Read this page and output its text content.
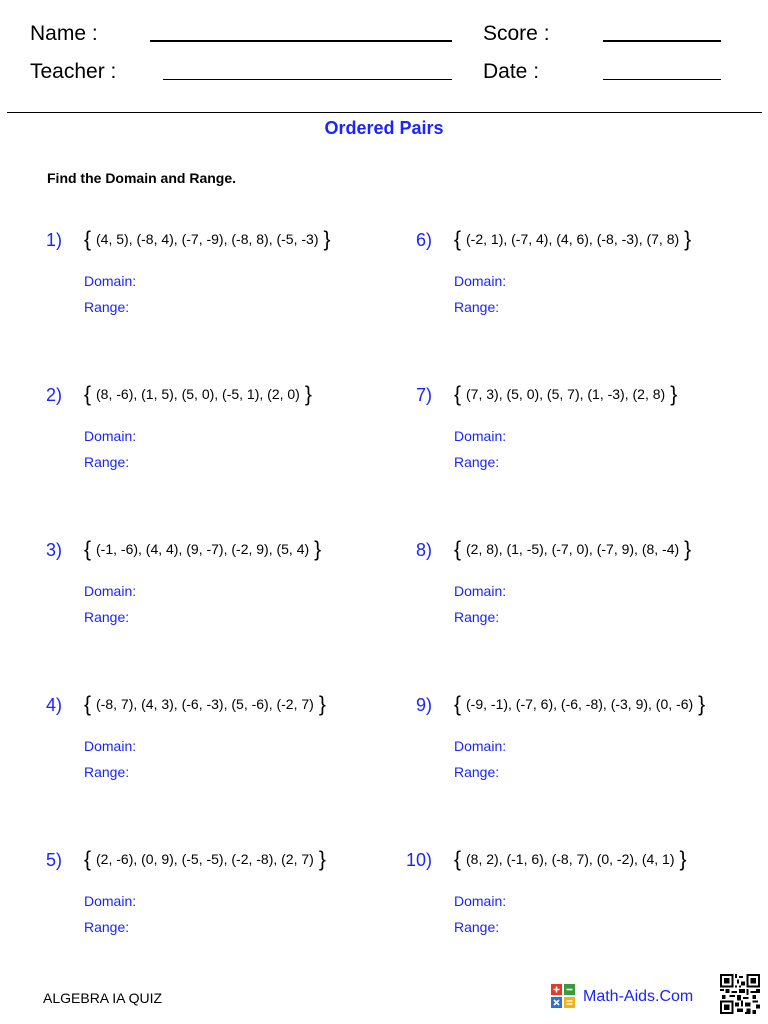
Name :
Teacher :
Score :
Date :
Ordered Pairs
Find the Domain and Range.
1) { (4, 5), (-8, 4), (-7, -9), (-8, 8), (-5, -3) }
Domain:
Range:
2) { (8, -6), (1, 5), (5, 0), (-5, 1), (2, 0) }
Domain:
Range:
3) { (-1, -6), (4, 4), (9, -7), (-2, 9), (5, 4) }
Domain:
Range:
4) { (-8, 7), (4, 3), (-6, -3), (5, -6), (-2, 7) }
Domain:
Range:
5) { (2, -6), (0, 9), (-5, -5), (-2, -8), (2, 7) }
Domain:
Range:
6) { (-2, 1), (-7, 4), (4, 6), (-8, -3), (7, 8) }
Domain:
Range:
7) { (7, 3), (5, 0), (5, 7), (1, -3), (2, 8) }
Domain:
Range:
8) { (2, 8), (1, -5), (-7, 0), (-7, 9), (8, -4) }
Domain:
Range:
9) { (-9, -1), (-7, 6), (-6, -8), (-3, 9), (0, -6) }
Domain:
Range:
10) { (8, 2), (-1, 6), (-8, 7), (0, -2), (4, 1) }
Domain:
Range:
ALGEBRA IA QUIZ	Math-Aids.Com
